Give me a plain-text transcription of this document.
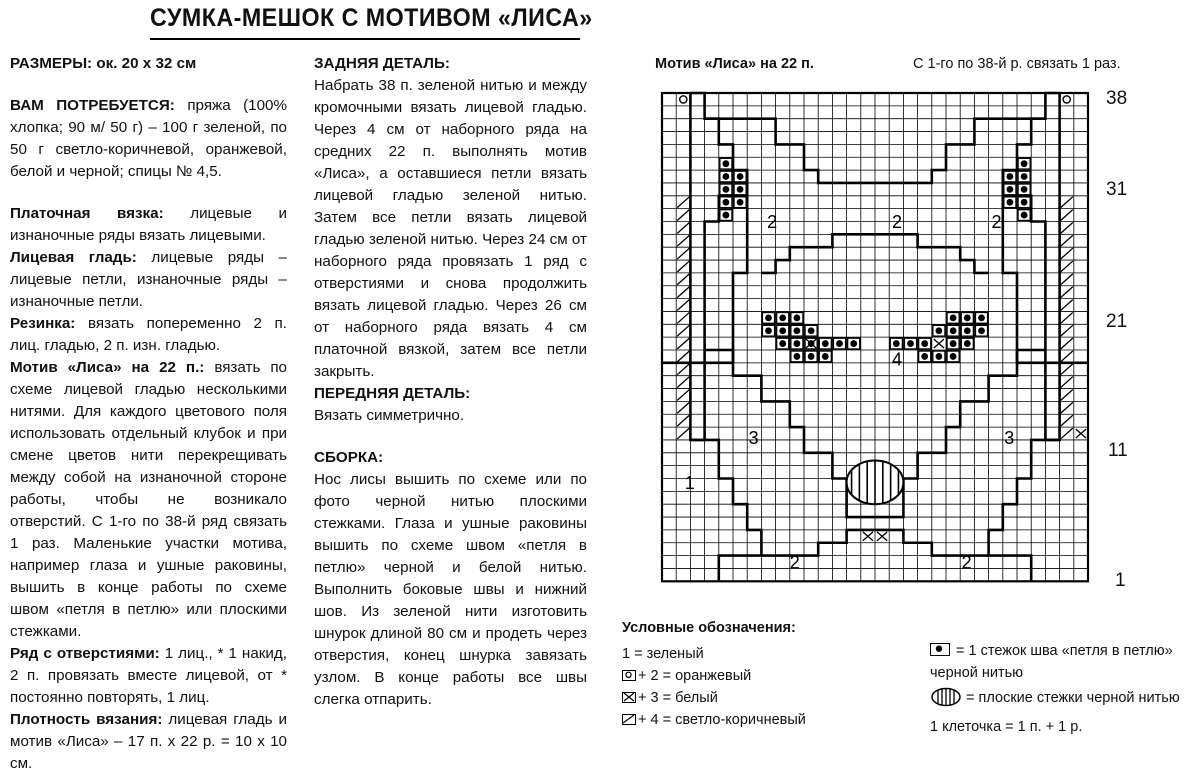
СУМКА-МЕШОК С МОТИВОМ «ЛИСА»

РАЗМЕРЫ: ок. 20 х 32 см

ВАМ ПОТРЕБУЕТСЯ: пряжа (100% хлопка; 90 м/ 50 г) – 100 г зеленой, по 50 г светло-коричневой, оранжевой, белой и черной; спицы № 4,5.

Платочная вязка: лицевые и изнаночные ряды вязать лицевыми.

Лицевая гладь: лицевые ряды – лицевые петли, изнаночные ряды – изнаночные петли.

Резинка: вязать попеременно 2 п. лиц. гладью, 2 п. изн. гладью.

Мотив «Лиса» на 22 п.: вязать по схеме лицевой гладью несколькими нитями. Для каждого цветового поля использовать отдельный клубок и при смене цветов нити перекрещивать между собой на изнаночной стороне работы, чтобы не возникало отверстий. С 1-го по 38-й ряд связать 1 раз. Маленькие участки мотива, например глаза и ушные раковины, вышить в конце работы по схеме швом «петля в петлю» или плоскими стежками.

Ряд с отверстиями: 1 лиц., * 1 накид, 2 п. провязать вместе лицевой, от * постоянно повторять, 1 лиц.

Плотность вязания: лицевая гладь и мотив «Лиса» – 17 п. х 22 р. = 10 х 10 см.

ЗАДНЯЯ ДЕТАЛЬ:

Набрать 38 п. зеленой нитью и между кромочными вязать лицевой гладью. Через 4 см от наборного ряда на средних 22 п. выполнять мотив «Лиса», а оставшиеся петли вязать лицевой гладью зеленой нитью. Затем все петли вязать лицевой гладью зеленой нитью. Через 24 см от наборного ряда провязать 1 ряд с отверстиями и снова продолжить вязать лицевой гладью. Через 26 см от наборного ряда вязать 4 см платочной вязкой, затем все петли закрыть.

ПЕРЕДНЯЯ ДЕТАЛЬ:

Вязать симметрично.

СБОРКА:

Нос лисы вышить по схеме или по фото черной нитью плоскими стежками. Глаза и ушные раковины вышить по схеме швом «петля в петлю» черной и белой нитью. Выполнить боковые швы и нижний шов. Из зеленой нити изготовить шнурок длиной 80 см и продеть через отверстия, конец шнурка завязать узлом. В конце работы все швы слегка отпарить.

Мотив «Лиса» на 22 п.	С 1-го по 38-й р. связать 1 раз.
1
2	2	2
4
3	3
2	2
38
31
21
11
1
Условные обозначения:
1 = зеленый
+ 2 = оранжевый
+ 3 = белый
+ 4 = светло-коричневый
= 1 стежок шва «петля в петлю» черной нитью
= плоские стежки черной нитью
1 клеточка = 1 п. + 1 р.
